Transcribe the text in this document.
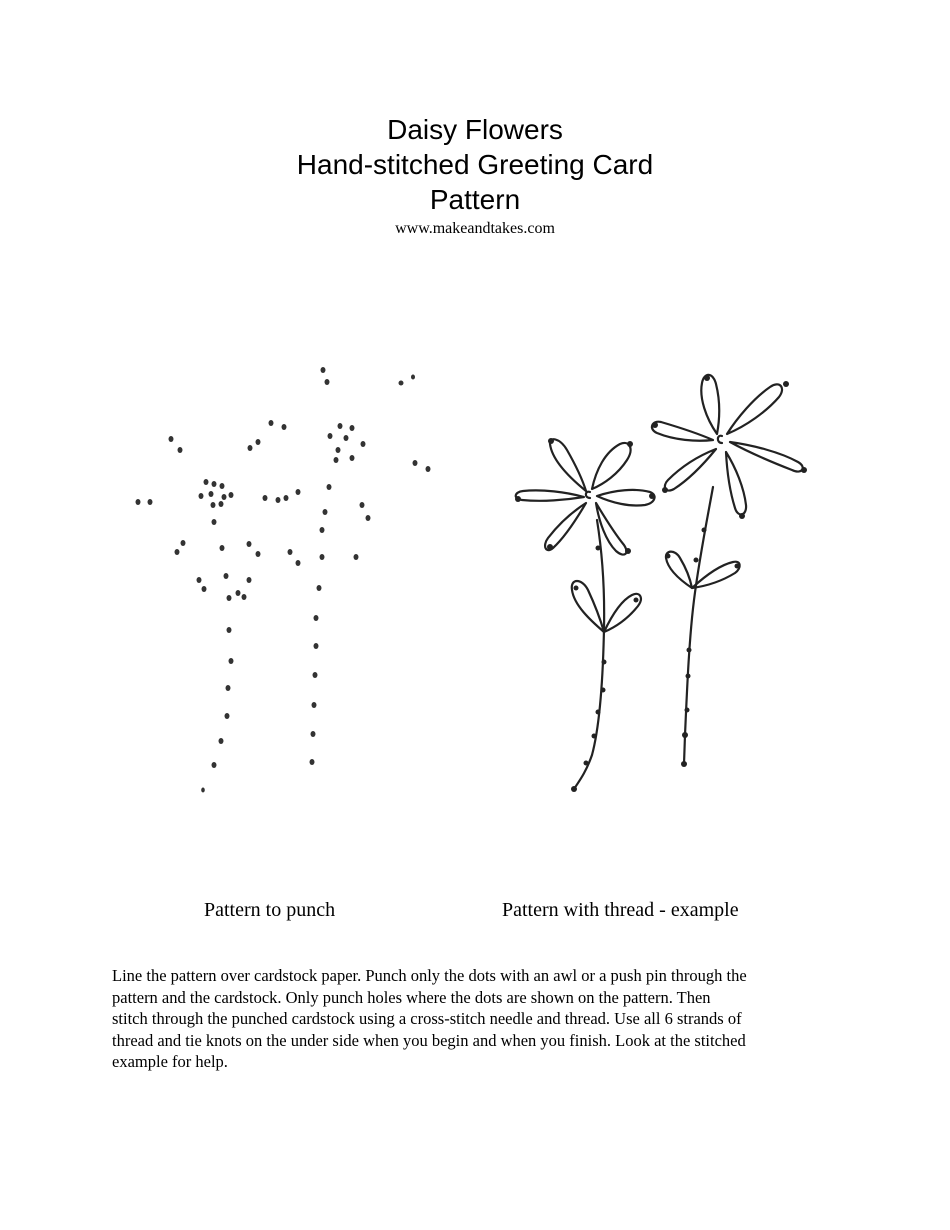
Daisy Flowers
Hand-stitched Greeting Card
Pattern
www.makeandtakes.com
Pattern to punch	Pattern with thread - example

Line the pattern over cardstock paper. Punch only the dots with an awl or a push pin through the
pattern and the cardstock. Only punch holes where the dots are shown on the pattern. Then
stitch through the punched cardstock using a cross-stitch needle and thread. Use all 6 strands of
thread and tie knots on the under side when you begin and when you finish. Look at the stitched
example for help.
